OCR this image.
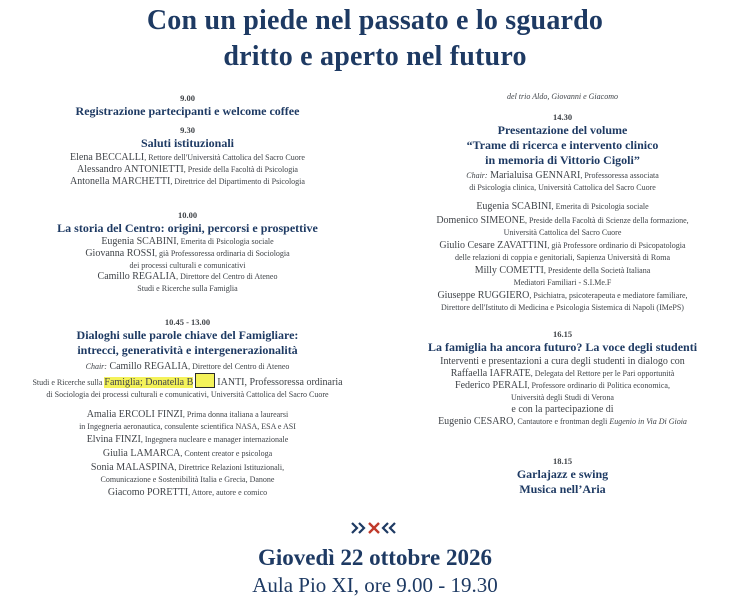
Con un piede nel passato e lo sguardo
dritto e aperto nel futuro
9.00
Registrazione partecipanti e welcome coffee
9.30
Saluti istituzionali
Elena BECCALLI, Rettore dell'Università Cattolica del Sacro Cuore
Alessandro ANTONIETTI, Preside della Facoltà di Psicologia
Antonella MARCHETTI, Direttrice del Dipartimento di Psicologia
10.00
La storia del Centro: origini, percorsi e prospettive
Eugenia SCABINI, Emerita di Psicologia sociale
Giovanna ROSSI, già Professoressa ordinaria di Sociologia
dei processi culturali e comunicativi
Camillo REGALIA, Direttore del Centro di Ateneo
Studi e Ricerche sulla Famiglia
10.45 - 13.00
Dialoghi sulle parole chiave del Famigliare:
intrecci, generatività e intergenerazionalità
Chair: Camillo REGALIA, Direttore del Centro di Ateneo
Studi e Ricerche sulla Famiglia; Donatella B IANTI, Professoressa ordinaria
di Sociologia dei processi culturali e comunicativi, Università Cattolica del Sacro Cuore
Amalia ERCOLI FINZI, Prima donna italiana a laurearsi
in Ingegneria aeronautica, consulente scientifica NASA, ESA e ASI
Elvina FINZI, Ingegnera nucleare e manager internazionale
Giulia LAMARCA, Content creator e psicologa
Sonia MALASPINA, Direttrice Relazioni Istituzionali,
Comunicazione e Sostenibilità Italia e Grecia, Danone
Giacomo PORETTI, Attore, autore e comico
del trio Aldo, Giovanni e Giacomo
14.30
Presentazione del volume
“Trame di ricerca e intervento clinico
in memoria di Vittorio Cigoli”
Chair: Marialuisa GENNARI, Professoressa associata
di Psicologia clinica, Università Cattolica del Sacro Cuore
Eugenia SCABINI, Emerita di Psicologia sociale
Domenico SIMEONE, Preside della Facoltà di Scienze della formazione,
Università Cattolica del Sacro Cuore
Giulio Cesare ZAVATTINI, già Professore ordinario di Psicopatologia
delle relazioni di coppia e genitoriali, Sapienza Università di Roma
Milly COMETTI, Presidente della Società Italiana
Mediatori Familiari - S.I.Me.F
Giuseppe RUGGIERO, Psichiatra, psicoterapeuta e mediatore familiare,
Direttore dell'Istituto di Medicina e Psicologia Sistemica di Napoli (IMePS)
16.15
La famiglia ha ancora futuro? La voce degli studenti
Interventi e presentazioni a cura degli studenti in dialogo con
Raffaella IAFRATE, Delegata del Rettore per le Pari opportunità
Federico PERALI, Professore ordinario di Politica economica,
Università degli Studi di Verona
e con la partecipazione di
Eugenio CESARO, Cantautore e frontman degli Eugenio in Via Di Gioia
18.15
Garlajazz e swing
Musica nell’Aria
Giovedì 22 ottobre 2026
Aula Pio XI, ore 9.00 - 19.30
